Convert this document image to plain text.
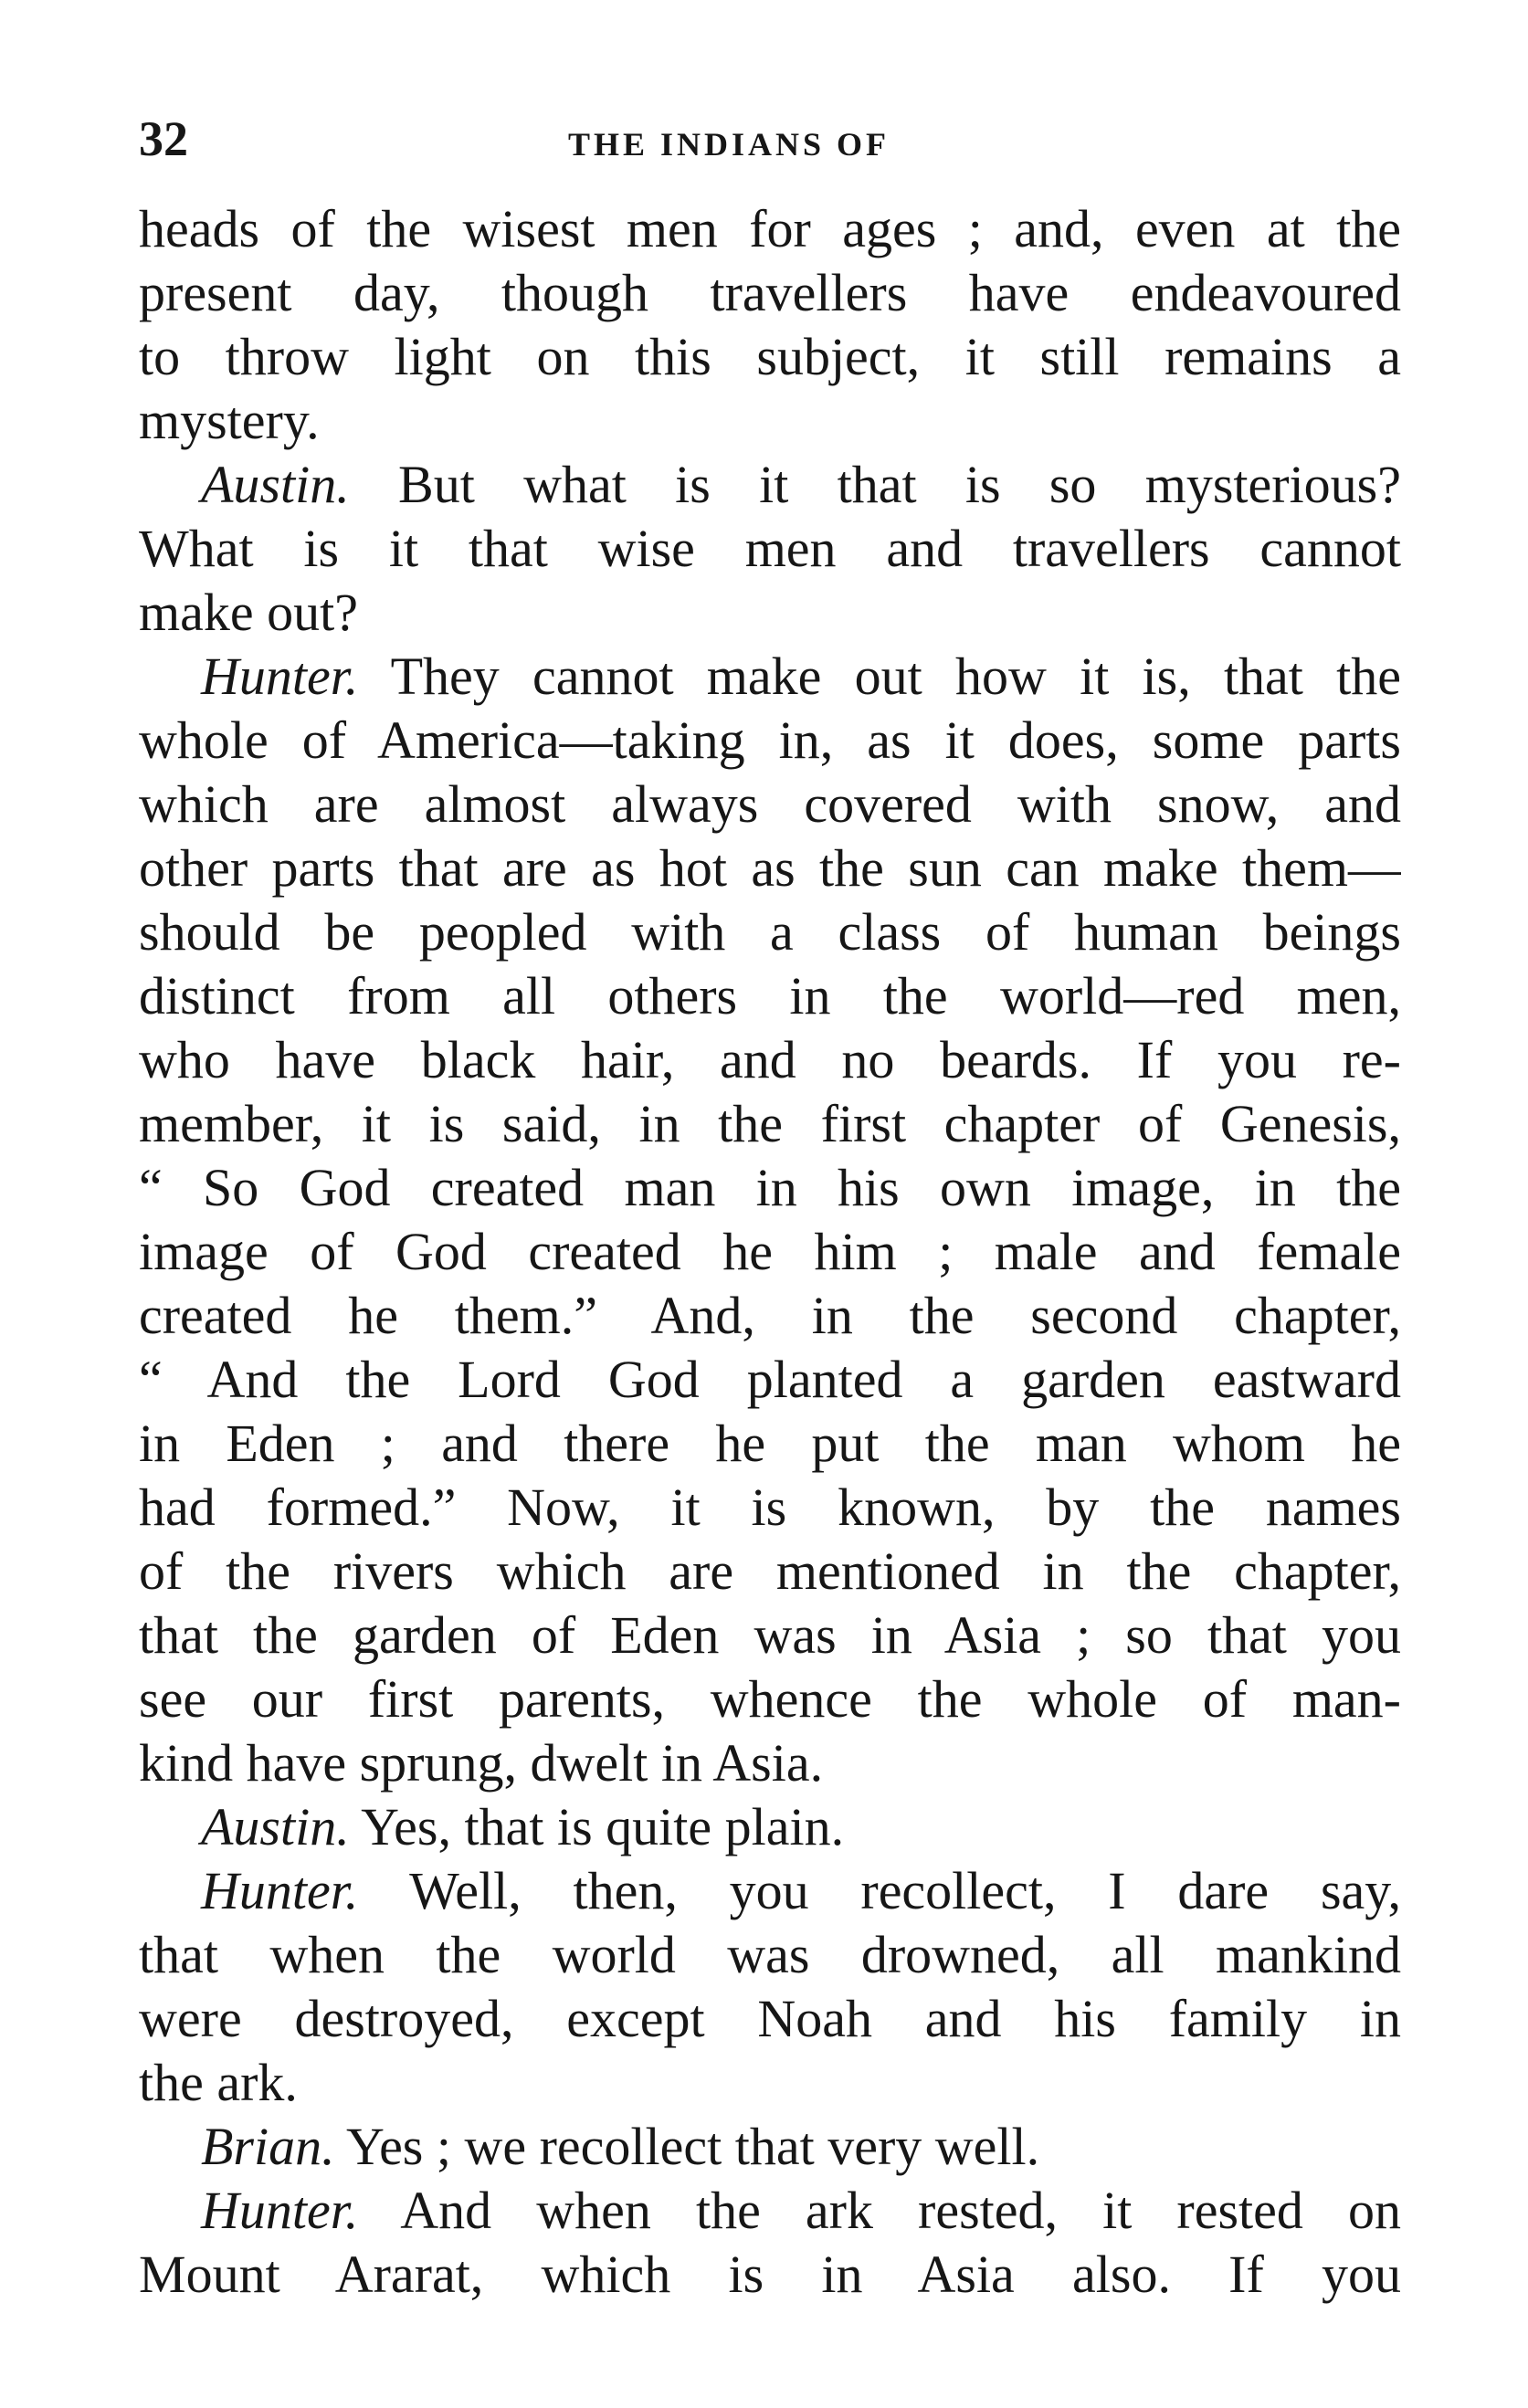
32	THE INDIANS OF
heads of the wisest men for ages ; and, even at the
present day, though travellers have endeavoured
to throw light on this subject, it still remains a
mystery.
Austin. But what is it that is so mysterious?
What is it that wise men and travellers cannot
make out?
Hunter. They cannot make out how it is, that the
whole of America—taking in, as it does, some parts
which are almost always covered with snow, and
other parts that are as hot as the sun can make them—
should be peopled with a class of human beings
distinct from all others in the world—red men,
who have black hair, and no beards. If you re-
member, it is said, in the first chapter of Genesis,
“ So God created man in his own image, in the
image of God created he him ; male and female
created he them.” And, in the second chapter,
“ And the Lord God planted a garden eastward
in Eden ; and there he put the man whom he
had formed.” Now, it is known, by the names
of the rivers which are mentioned in the chapter,
that the garden of Eden was in Asia ; so that you
see our first parents, whence the whole of man-
kind have sprung, dwelt in Asia.
Austin. Yes, that is quite plain.
Hunter. Well, then, you recollect, I dare say,
that when the world was drowned, all mankind
were destroyed, except Noah and his family in
the ark.
Brian. Yes ; we recollect that very well.
Hunter. And when the ark rested, it rested on
Mount Ararat, which is in Asia also. If you
